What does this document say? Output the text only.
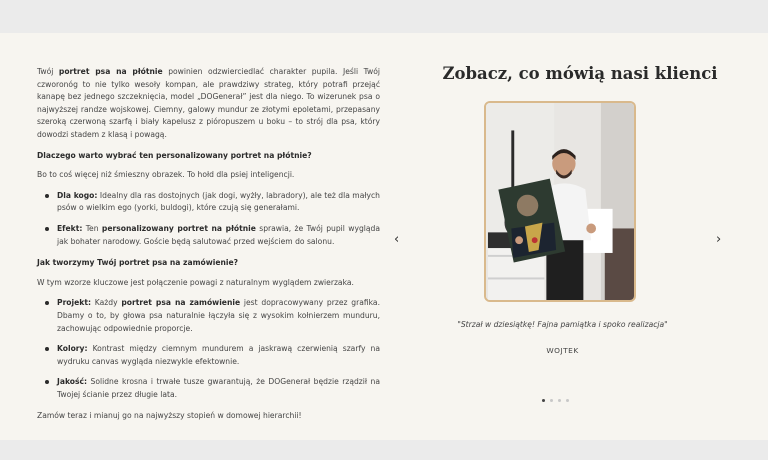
Twój portret psa na płótnie powinien odzwierciedlać charakter pupila. Jeśli Twój czworonóg to nie tylko wesoły kompan, ale prawdziwy strateg, który potrafi przejąć kanapę bez jednego szczeknięcia, model „DOGenerał” jest dla niego. To wizerunek psa o najwyższej randze wojskowej. Ciemny, galowy mundur ze złotymi epoletami, przepasany szeroką czerwoną szarfą i biały kapelusz z pióropuszem u boku – to strój dla psa, który dowodzi stadem z klasą i powagą.

Dlaczego warto wybrać ten personalizowany portret na płótnie?

Bo to coś więcej niż śmieszny obrazek. To hołd dla psiej inteligencji.

Dla kogo: Idealny dla ras dostojnych (jak dogi, wyżły, labradory), ale też dla małych psów o wielkim ego (yorki, buldogi), które czują się generałami.
Efekt: Ten personalizowany portret na płótnie sprawia, że Twój pupil wygląda jak bohater narodowy. Goście będą salutować przed wejściem do salonu.

Jak tworzymy Twój portret psa na zamówienie?

W tym wzorze kluczowe jest połączenie powagi z naturalnym wyglądem zwierzaka.

Projekt: Każdy portret psa na zamówienie jest dopracowywany przez grafika. Dbamy o to, by głowa psa naturalnie łączyła się z wysokim kołnierzem munduru, zachowując odpowiednie proporcje.
Kolory: Kontrast między ciemnym mundurem a jaskrawą czerwienią szarfy na wydruku canvas wygląda niezwykle efektownie.
Jakość: Solidne krosna i trwałe tusze gwarantują, że DOGenerał będzie rządził na Twojej ścianie przez długie lata.

Zamów teraz i mianuj go na najwyższy stopień w domowej hierarchii!

Zobacz, co mówią nasi klienci
‹	›
"Strzał w dziesiątkę! Fajna pamiątka i spoko realizacja"
WOJTEK
